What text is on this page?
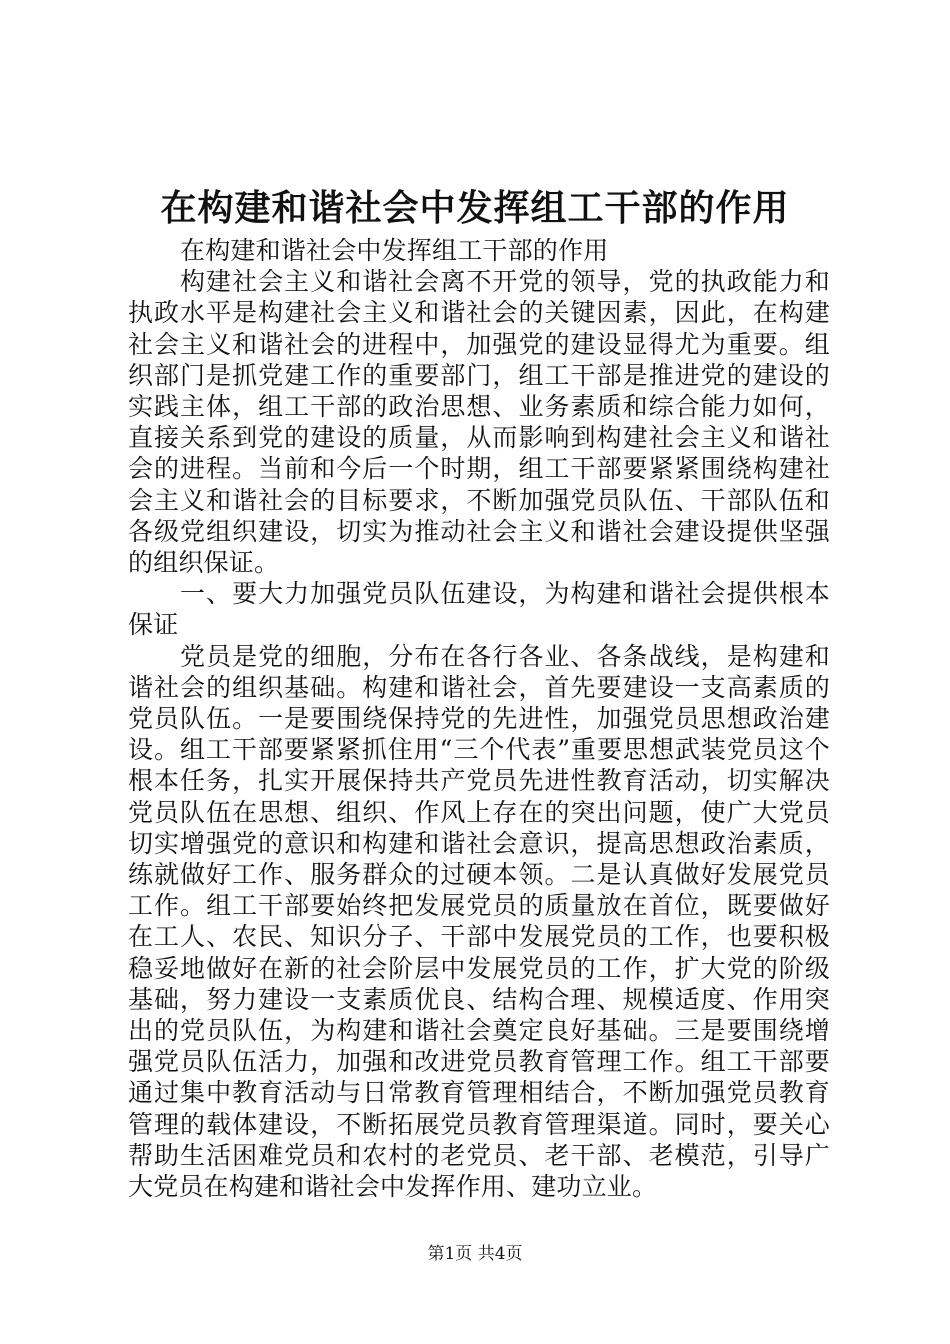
在构建和谐社会中发挥组工干部的作用

在构建和谐社会中发挥组工干部的作用

构建社会主义和谐社会离不开党的领导，党的执政能力和执政水平是构建社会主义和谐社会的关键因素，因此，在构建社会主义和谐社会的进程中，加强党的建设显得尤为重要。组织部门是抓党建工作的重要部门，组工干部是推进党的建设的实践主体，组工干部的政治思想、业务素质和综合能力如何，直接关系到党的建设的质量，从而影响到构建社会主义和谐社会的进程。当前和今后一个时期，组工干部要紧紧围绕构建社会主义和谐社会的目标要求，不断加强党员队伍、干部队伍和各级党组织建设，切实为推动社会主义和谐社会建设提供坚强的组织保证。

一、要大力加强党员队伍建设，为构建和谐社会提供根本保证

党员是党的细胞，分布在各行各业、各条战线，是构建和谐社会的组织基础。构建和谐社会，首先要建设一支高素质的党员队伍。一是要围绕保持党的先进性，加强党员思想政治建设。组工干部要紧紧抓住用“三个代表”重要思想武装党员这个根本任务，扎实开展保持共产党员先进性教育活动，切实解决党员队伍在思想、组织、作风上存在的突出问题，使广大党员切实增强党的意识和构建和谐社会意识，提高思想政治素质，练就做好工作、服务群众的过硬本领。二是认真做好发展党员工作。组工干部要始终把发展党员的质量放在首位，既要做好在工人、农民、知识分子、干部中发展党员的工作，也要积极稳妥地做好在新的社会阶层中发展党员的工作，扩大党的阶级基础，努力建设一支素质优良、结构合理、规模适度、作用突出的党员队伍，为构建和谐社会奠定良好基础。三是要围绕增强党员队伍活力，加强和改进党员教育管理工作。组工干部要通过集中教育活动与日常教育管理相结合，不断加强党员教育管理的载体建设，不断拓展党员教育管理渠道。同时，要关心帮助生活困难党员和农村的老党员、老干部、老模范，引导广大党员在构建和谐社会中发挥作用、建功立业。

第1页 共4页
